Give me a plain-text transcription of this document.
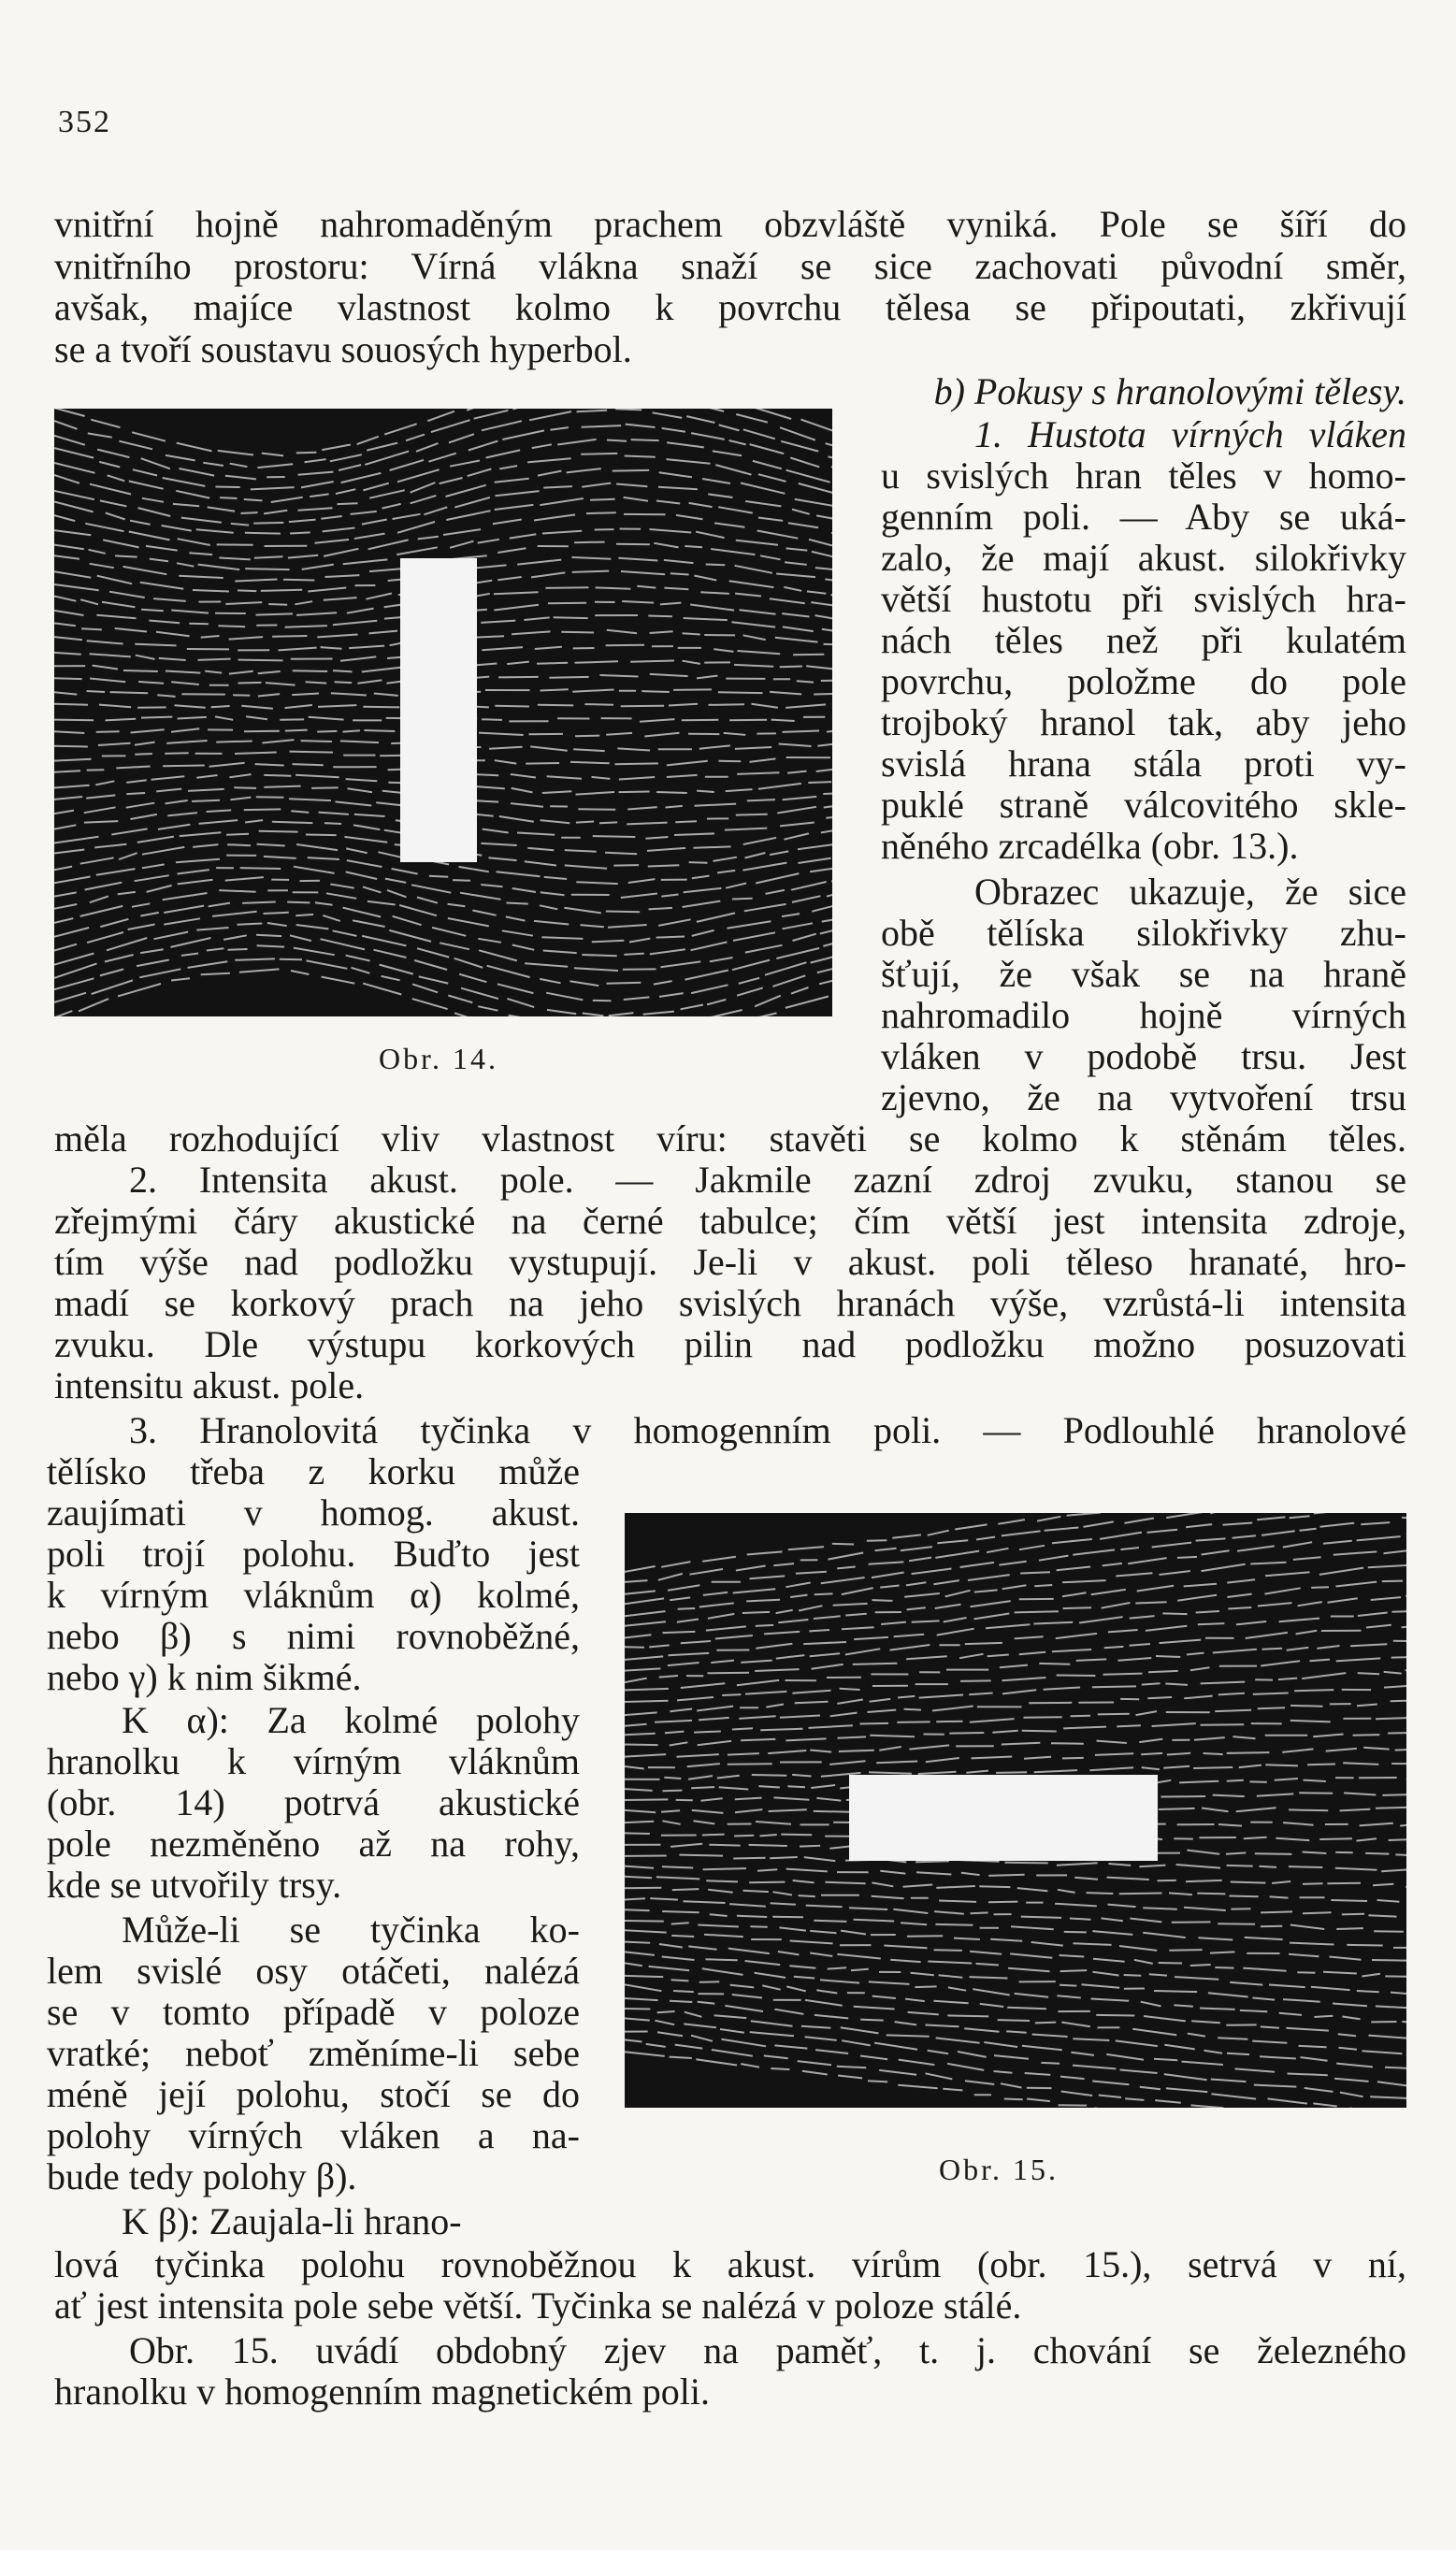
352
vnitřní hojně nahromaděným prachem obzvláště vyniká. Pole se šíří do
vnitřního prostoru: Vírná vlákna snaží se sice zachovati původní směr,
avšak, majíce vlastnost kolmo k povrchu tělesa se připoutati, zkřivují
se a tvoří soustavu souosých hyperbol.
Obr. 14.
b) Pokusy s hranolovými tělesy.
1. Hustota vírných vláken
u svislých hran těles v homo-
genním poli. — Aby se uká-
zalo, že mají akust. silokřivky
větší hustotu při svislých hra-
nách těles než při kulatém
povrchu, položme do pole
trojboký hranol tak, aby jeho
svislá hrana stála proti vy-
puklé straně válcovitého skle-
něného zrcadélka (obr. 13.).
Obrazec ukazuje, že sice
obě tělíska silokřivky zhu-
šťují, že však se na hraně
nahromadilo hojně vírných
vláken v podobě trsu. Jest
zjevno, že na vytvoření trsu
měla rozhodující vliv vlastnost víru: stavěti se kolmo k stěnám těles.
2. Intensita akust. pole. — Jakmile zazní zdroj zvuku, stanou se
zřejmými čáry akustické na černé tabulce; čím větší jest intensita zdroje,
tím výše nad podložku vystupují. Je-li v akust. poli těleso hranaté, hro-
madí se korkový prach na jeho svislých hranách výše, vzrůstá-li intensita
zvuku. Dle výstupu korkových pilin nad podložku možno posuzovati
intensitu akust. pole.
3. Hranolovitá tyčinka v homogenním poli. — Podlouhlé hranolové
tělísko třeba z korku může
zaujímati v homog. akust.
poli trojí polohu. Buďto jest
k vírným vláknům α) kolmé,
nebo β) s nimi rovnoběžné,
nebo γ) k nim šikmé.
K α): Za kolmé polohy
hranolku k vírným vláknům
(obr. 14) potrvá akustické
pole nezměněno až na rohy,
kde se utvořily trsy.
Může-li se tyčinka ko-
lem svislé osy otáčeti, nalézá
se v tomto případě v poloze
vratké; neboť změníme-li sebe
méně její polohu, stočí se do
polohy vírných vláken a na-
bude tedy polohy β).
K β): Zaujala-li hrano-
Obr. 15.
lová tyčinka polohu rovnoběžnou k akust. vírům (obr. 15.), setrvá v ní,
ať jest intensita pole sebe větší. Tyčinka se nalézá v poloze stálé.
Obr. 15. uvádí obdobný zjev na paměť, t. j. chování se železného
hranolku v homogenním magnetickém poli.
